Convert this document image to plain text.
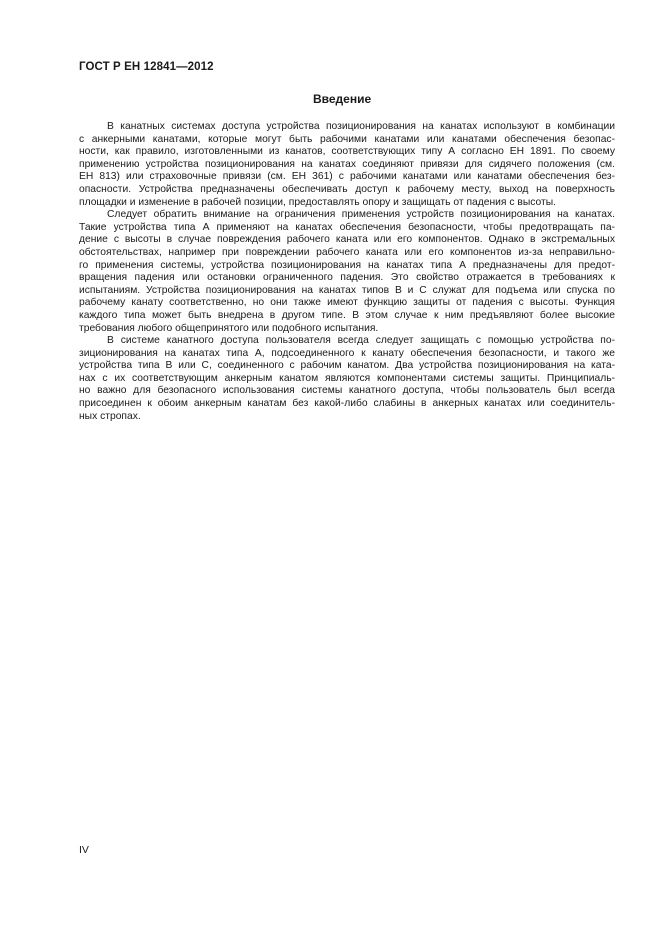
ГОСТ Р ЕН 12841—2012
Введение
В канатных системах доступа устройства позиционирования на канатах используют в комбинации
с анкерными канатами, которые могут быть рабочими канатами или канатами обеспечения безопас-
ности, как правило, изготовленными из канатов, соответствующих типу А согласно ЕН 1891. По своему
применению устройства позиционирования на канатах соединяют привязи для сидячего положения (см.
ЕН 813) или страховочные привязи (см. ЕН 361) с рабочими канатами или канатами обеспечения без-
опасности. Устройства предназначены обеспечивать доступ к рабочему месту, выход на поверхность
площадки и изменение в рабочей позиции, предоставлять опору и защищать от падения с высоты.
Следует обратить внимание на ограничения применения устройств позиционирования на канатах.
Такие устройства типа А применяют на канатах обеспечения безопасности, чтобы предотвращать па-
дение с высоты в случае повреждения рабочего каната или его компонентов. Однако в экстремальных
обстоятельствах, например при повреждении рабочего каната или его компонентов из-за неправильно-
го применения системы, устройства позиционирования на канатах типа А предназначены для предот-
вращения падения или остановки ограниченного падения. Это свойство отражается в требованиях к
испытаниям. Устройства позиционирования на канатах типов В и С служат для подъема или спуска по
рабочему канату соответственно, но они также имеют функцию защиты от падения с высоты. Функция
каждого типа может быть внедрена в другом типе. В этом случае к ним предъявляют более высокие
требования любого общепринятого или подобного испытания.
В системе канатного доступа пользователя всегда следует защищать с помощью устройства по-
зиционирования на канатах типа А, подсоединенного к канату обеспечения безопасности, и такого же
устройства типа В или С, соединенного с рабочим канатом. Два устройства позиционирования на ката-
нах с их соответствующим анкерным канатом являются компонентами системы защиты. Принципиаль-
но важно для безопасного использования системы канатного доступа, чтобы пользователь был всегда
присоединен к обоим анкерным канатам без какой-либо слабины в анкерных канатах или соединитель-
ных стропах.
IV
